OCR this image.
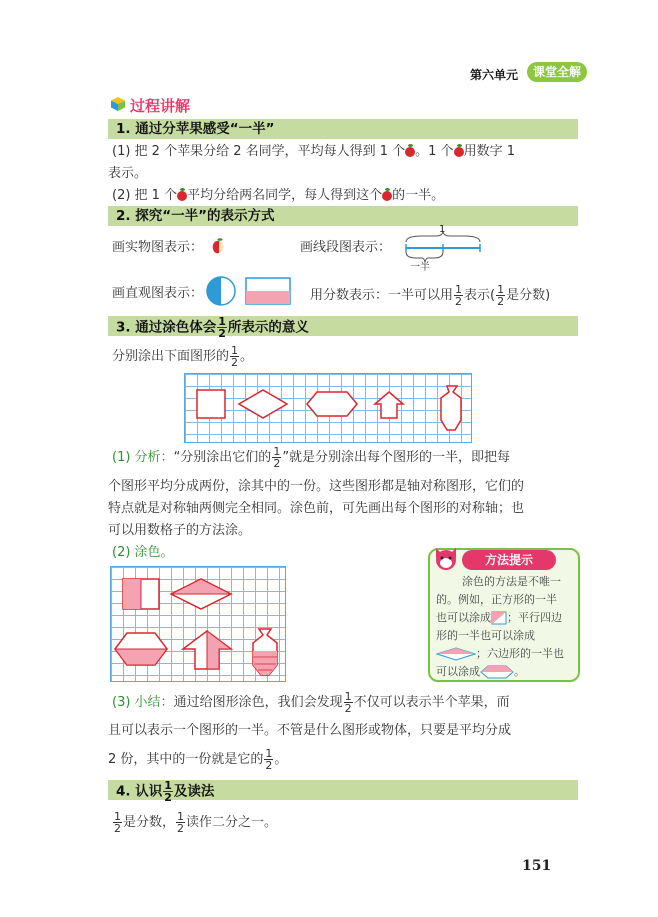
第六单元	课堂全解
过程讲解
1. 通过分苹果感受“一半”
(1) 把 2 个苹果分给 2 名同学，平均每人得到 1 个 。1 个 用数字 1
表示。
(2) 把 1 个 平均分给两名同学，每人得到这个 的一半。
2. 探究“一半”的表示方式
画实物图表示：	画线段图表示：
1
一半
画直观图表示：	用分数表示：一半可以用 $\frac{1}{2}$ 表示( $\frac{1}{2}$ 是分数)
3. 通过涂色体会 $\frac{1}{2}$ 所表示的意义
分别涂出下面图形的 $\frac{1}{2}$ 。
(1) 分析：“分别涂出它们的 $\frac{1}{2}$ ”就是分别涂出每个图形的一半，即把每
个图形平均分成两份，涂其中的一份。这些图形都是轴对称图形，它们的
特点就是对称轴两侧完全相同。涂色前，可先画出每个图形的对称轴；也
可以用数格子的方法涂。
(2) 涂色。	方法提示
涂色的方法是不唯一
的。例如，正方形的一半
也可以涂成 ；平行四边
形的一半也可以涂成
；六边形的一半也
可以涂成	。
(3) 小结：通过给图形涂色，我们会发现 $\frac{1}{2}$ 不仅可以表示半个苹果，而
且可以表示一个图形的一半。不管是什么图形或物体，只要是平均分成
2 份，其中的一份就是它的 $\frac{1}{2}$ 。
4. 认识 $\frac{1}{2}$ 及读法
$\frac{1}{2}$ 是分数， $\frac{1}{2}$ 读作二分之一。
151
